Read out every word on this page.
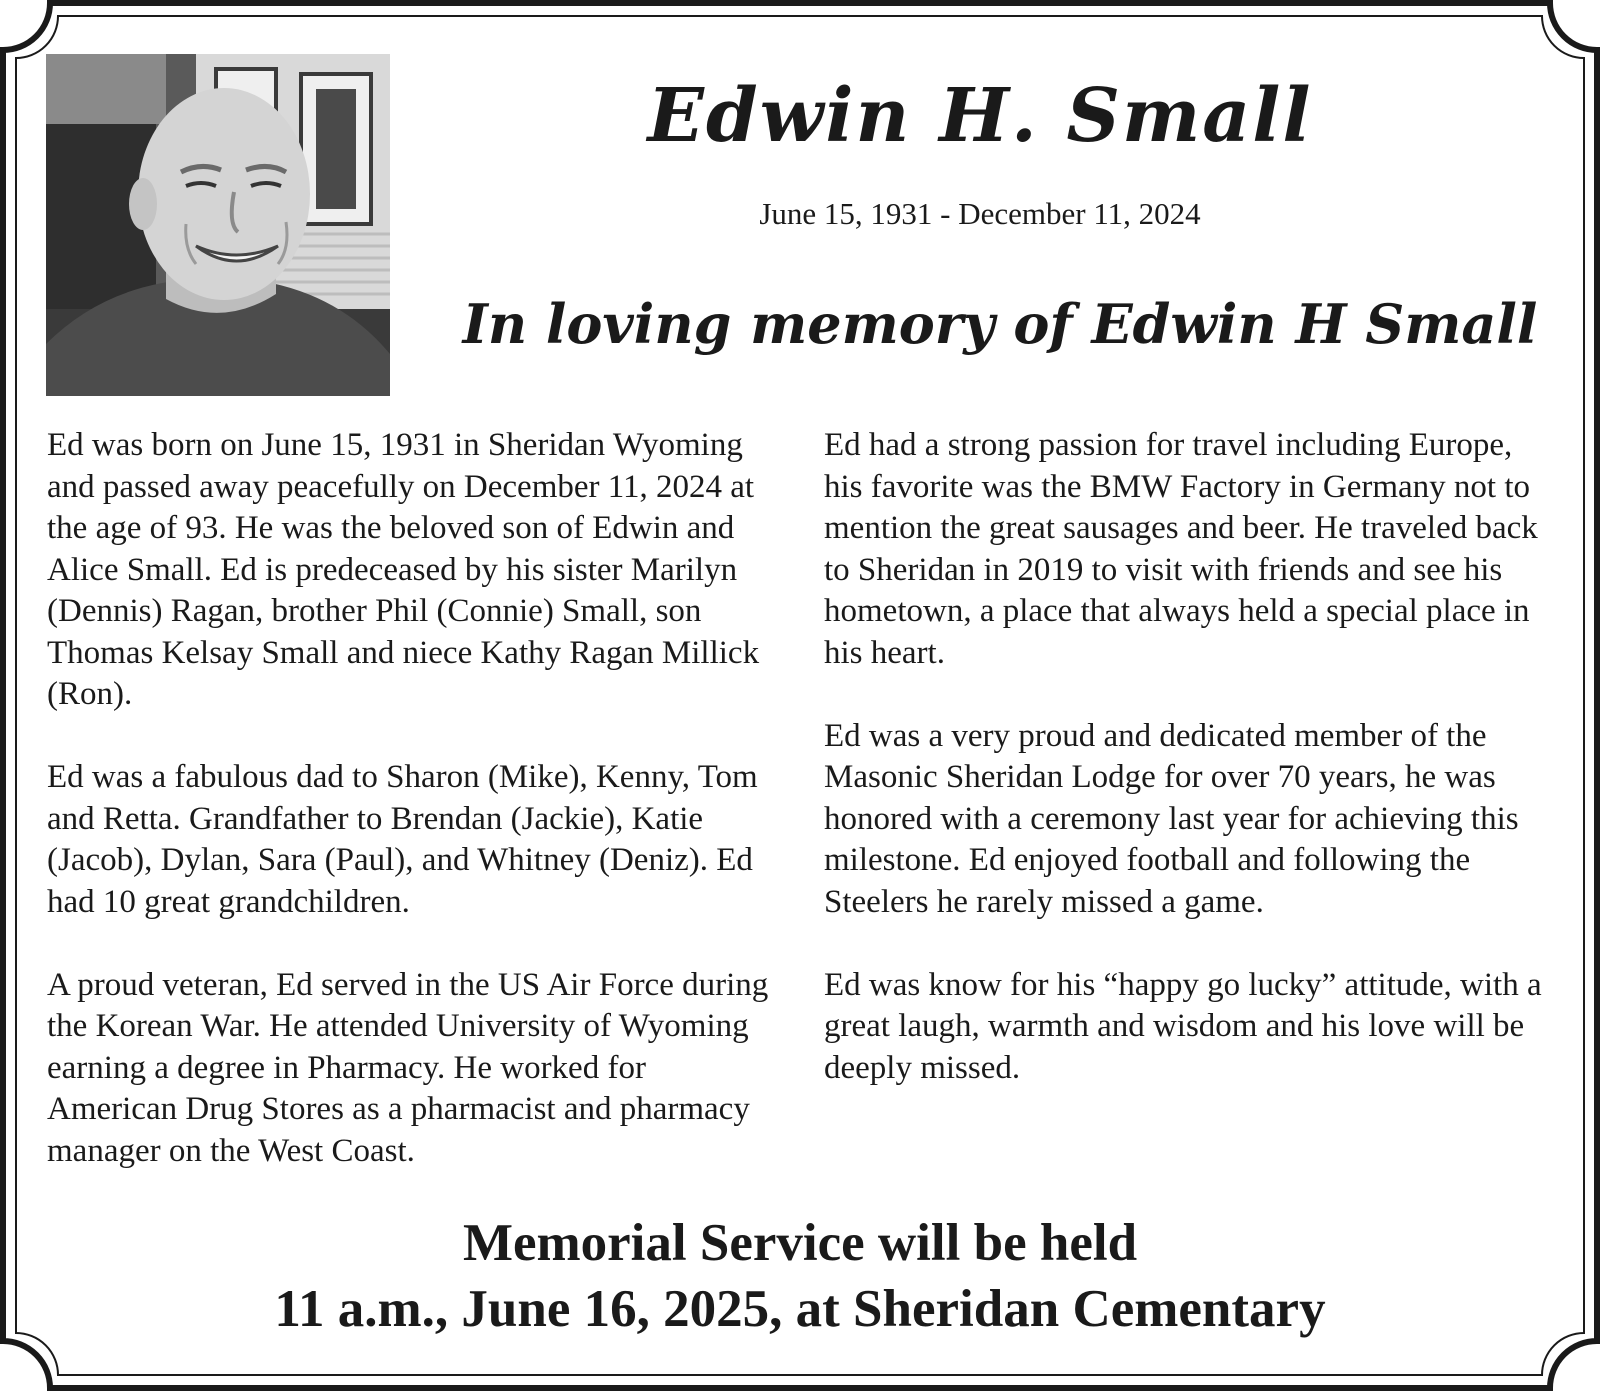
Edwin H. Small
June 15, 1931 - December 11, 2024
In loving memory of Edwin H Small

Ed was born on June 15, 1931 in Sheridan Wyoming and passed away peacefully on December 11, 2024 at the age of 93. He was the beloved son of Edwin and Alice Small. Ed is predeceased by his sister Marilyn (Dennis) Ragan, brother Phil (Connie) Small, son Thomas Kelsay Small and niece Kathy Ragan Millick (Ron).

Ed was a fabulous dad to Sharon (Mike), Kenny, Tom and Retta. Grandfather to Brendan (Jackie), Katie (Jacob), Dylan, Sara (Paul), and Whitney (Deniz). Ed had 10 great grandchildren.

A proud veteran, Ed served in the US Air Force during the Korean War. He attended University of Wyoming earning a degree in Pharmacy. He worked for American Drug Stores as a pharmacist and pharmacy manager on the West Coast.

Ed had a strong passion for travel including Europe, his favorite was the BMW Factory in Germany not to mention the great sausages and beer. He traveled back to Sheridan in 2019 to visit with friends and see his hometown, a place that always held a special place in his heart.

Ed was a very proud and dedicated member of the Masonic Sheridan Lodge for over 70 years, he was honored with a ceremony last year for achieving this milestone. Ed enjoyed football and following the Steelers he rarely missed a game.

Ed was know for his “happy go lucky” attitude, with a great laugh, warmth and wisdom and his love will be deeply missed.

Memorial Service will be held
11 a.m., June 16, 2025, at Sheridan Cementary
